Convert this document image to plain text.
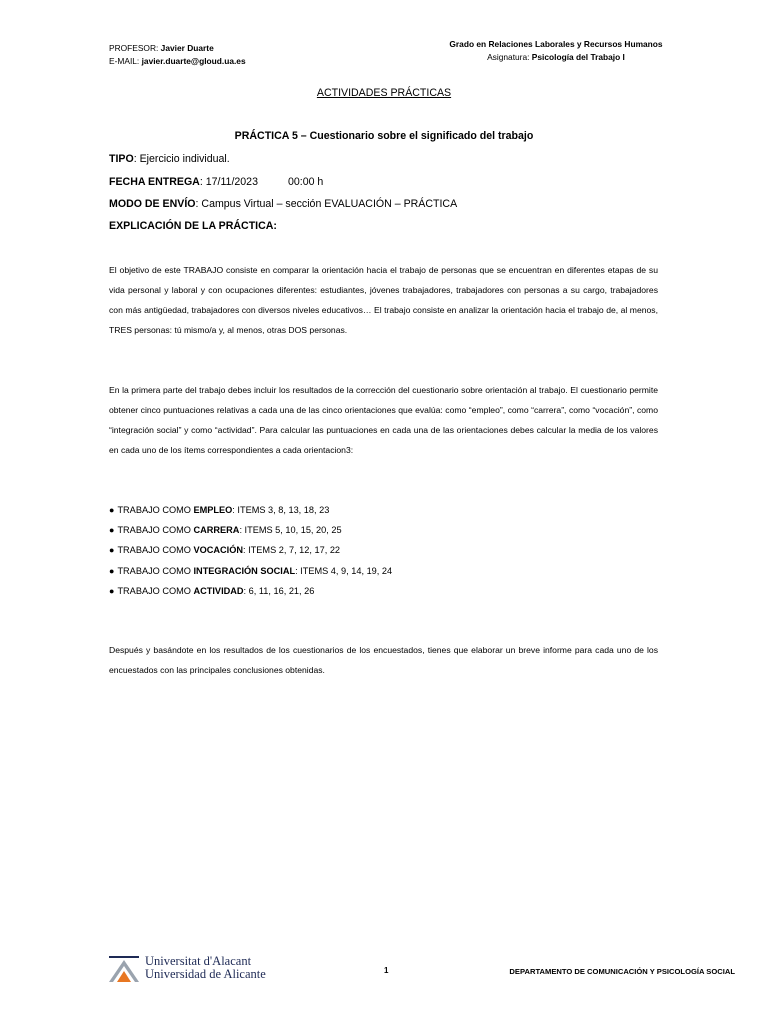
PROFESOR: Javier Duarte
E-MAIL: javier.duarte@gloud.ua.es
Grado en Relaciones Laborales y Recursos Humanos
Asignatura: Psicología del Trabajo I
ACTIVIDADES PRÁCTICAS
PRÁCTICA 5 – Cuestionario sobre el significado del trabajo
TIPO: Ejercicio individual.
FECHA ENTREGA: 17/11/2023	00:00 h
MODO DE ENVÍO: Campus Virtual – sección EVALUACIÓN – PRÁCTICA
EXPLICACIÓN DE LA PRÁCTICA:
El objetivo de este TRABAJO consiste en comparar la orientación hacia el trabajo de personas que se encuentran en diferentes etapas de su vida personal y laboral y con ocupaciones diferentes: estudiantes, jóvenes trabajadores, trabajadores con personas a su cargo, trabajadores con más antigüedad, trabajadores con diversos niveles educativos… El trabajo consiste en analizar la orientación hacia el trabajo de, al menos, TRES personas: tú mismo/a y, al menos, otras DOS personas.
En la primera parte del trabajo debes incluir los resultados de la corrección del cuestionario sobre orientación al trabajo. El cuestionario permite obtener cinco puntuaciones relativas a cada una de las cinco orientaciones que evalúa: como “empleo”, como “carrera”, como “vocación”, como “integración social” y como “actividad”. Para calcular las puntuaciones en cada una de las orientaciones debes calcular la media de los valores en cada uno de los ítems correspondientes a cada orientacion3:
● TRABAJO COMO EMPLEO: ITEMS 3, 8, 13, 18, 23
● TRABAJO COMO CARRERA: ITEMS 5, 10, 15, 20, 25
● TRABAJO COMO VOCACIÓN: ITEMS 2, 7, 12, 17, 22
● TRABAJO COMO INTEGRACIÓN SOCIAL: ITEMS 4, 9, 14, 19, 24
● TRABAJO COMO ACTIVIDAD: 6, 11, 16, 21, 26
Después y basándote en los resultados de los cuestionarios de los encuestados, tienes que elaborar un breve informe para cada uno de los encuestados con las principales conclusiones obtenidas.
Universitat d'Alacant
Universidad de Alicante	1	DEPARTAMENTO DE COMUNICACIÓN Y PSICOLOGÍA SOCIAL
